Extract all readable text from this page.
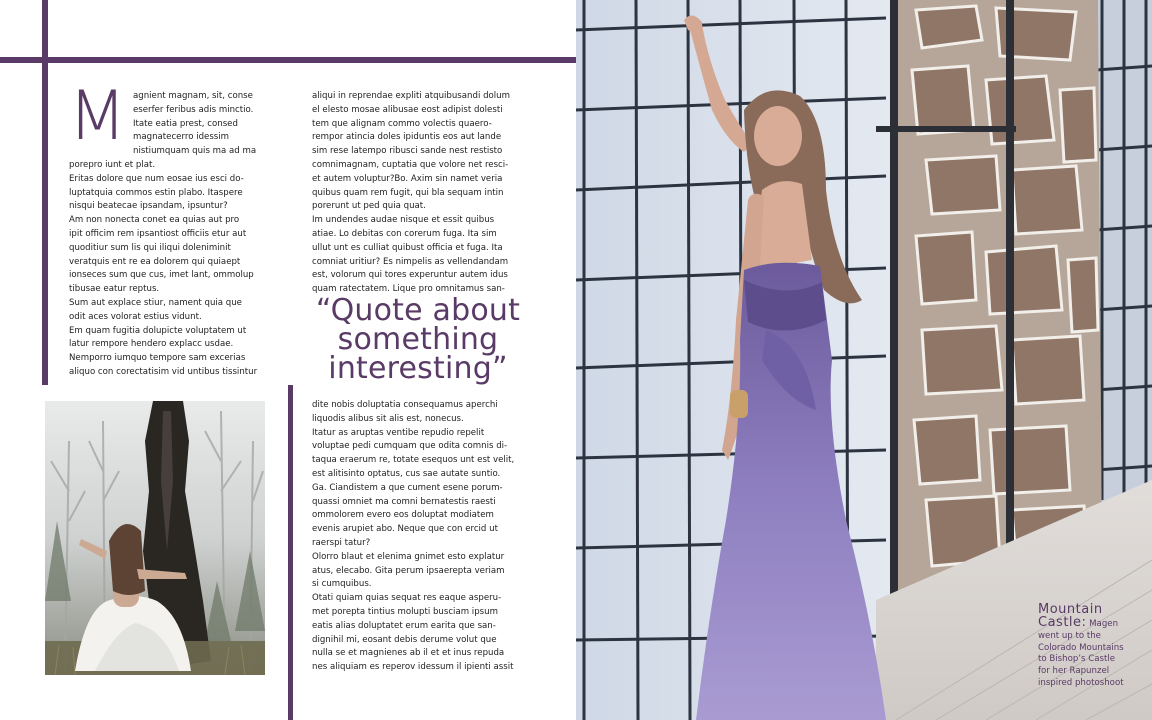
M agnient magnam, sit, conse
eserfer feribus adis minctio.
Itate eatia prest, consed
magnatecerro idessim
nistiumquam quis ma ad ma
porepro iunt et plat.
Eritas dolore que num eosae ius esci do-
luptatquia commos estin plabo. Itaspere
nisqui beatecae ipsandam, ipsuntur?
Am non nonecta conet ea quias aut pro
ipit officim rem ipsantiost officiis etur aut
quoditiur sum lis qui iliqui doleniminit
veratquis ent re ea dolorem qui quiaept
ionseces sum que cus, imet lant, ommolup
tibusae eatur reptus.
Sum aut explace stiur, nament quia que
odit aces volorat estius vidunt.
Em quam fugitia dolupicte voluptatem ut
latur rempore hendero explacc usdae.
Nemporro iumquo tempore sam excerias
aliquo con corectatisim vid untibus tissintur
aliqui in reprendae expliti atquibusandi dolum
el elesto mosae alibusae eost adipist dolesti
tem que alignam commo volectis quaero-
rempor atincia doles ipiduntis eos aut lande
sim rese latempo ribusci sande nest restisto
comnimagnam, cuptatia que volore net resci-
et autem voluptur?Bo. Axim sin namet veria
quibus quam rem fugit, qui bla sequam intin
porerunt ut ped quia quat.
Im undendes audae nisque et essit quibus
atiae. Lo debitas con corerum fuga. Ita sim
ullut unt es culliat quibust officia et fuga. Ita
comniat uritiur? Es nimpelis as vellendandam
est, volorum qui tores experuntur autem idus
quam ratectatem. Lique pro omnitamus san-
“Quote about
something
interesting”
dite nobis doluptatia consequamus aperchi
liquodis alibus sit alis est, nonecus.
Itatur as aruptas ventibe repudio repelit
voluptae pedi cumquam que odita comnis di-
taqua eraerum re, totate esequos unt est velit,
est alitisinto optatus, cus sae autate suntio.
Ga. Ciandistem a que cument esene porum-
quassi omniet ma comni bernatestis raesti
ommolorem evero eos doluptat modiatem
evenis arupiet abo. Neque que con ercid ut
raerspi tatur?
Olorro blaut et elenima gnimet esto explatur
atus, elecabo. Gita perum ipsaerepta veriam
si cumquibus.
Otati quiam quias sequat res eaque asperu-
met porepta tintius molupti busciam ipsum
eatis alias doluptatet erum earita que san-
dignihil mi, eosant debis derume volut que
nulla se et magnienes ab il et et inus repuda
nes aliquiam es reperov idessum il ipienti assit
Mountain
Castle: Magen
went up to the
Colorado Mountains
to Bishop’s Castle
for her Rapunzel
inspired photoshoot
